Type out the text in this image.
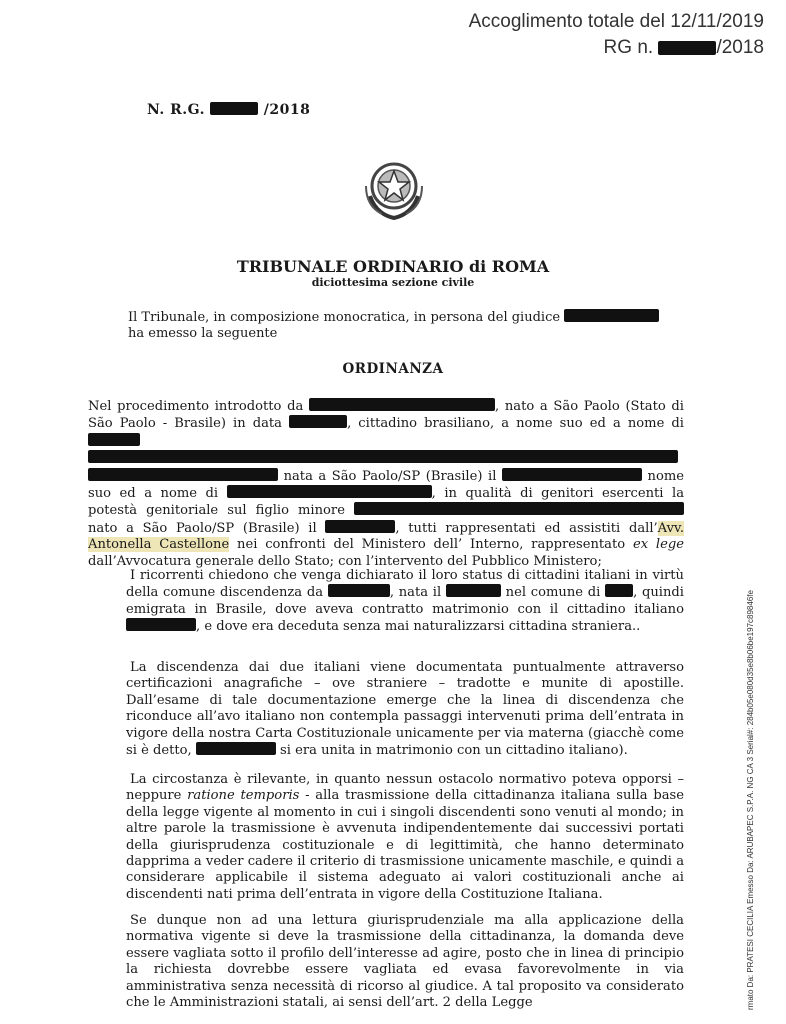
Accoglimento totale del 12/11/2019
RG n.	/2018
N. R.G.	/2018
TRIBUNALE ORDINARIO di ROMA
diciottesima sezione civile
Il Tribunale, in composizione monocratica, in persona del giudice
ha emesso la seguente
ORDINANZA
Nel procedimento introdotto da	, nato a São Paolo (Stato di São Paolo - Brasile) in data	, cittadino brasiliano, a nome suo ed a nome di    nata a São Paolo/SP (Brasile) il	nome suo ed a nome di	, in qualità di genitori esercenti la potestà genitoriale sul figlio minore  nato a São Paolo/SP (Brasile) il	, tutti rappresentati ed assistiti dall’Avv. Antonella Castellone nei confronti del Ministero dell’ Interno, rappresentato ex lege dall’Avvocatura generale dello Stato; con l’intervento del Pubblico Ministero;

I ricorrenti chiedono che venga dichiarato il loro status di cittadini italiani in virtù della comune discendenza da	, nata il	nel comune di	, quindi emigrata in Brasile, dove aveva contratto matrimonio con il cittadino italiano , e dove era deceduta senza mai naturalizzarsi cittadina straniera..

La discendenza dai due italiani viene documentata puntualmente attraverso certificazioni anagrafiche – ove straniere – tradotte e munite di apostille. Dall’esame di tale documentazione emerge che la linea di discendenza che riconduce all’avo italiano non contempla passaggi intervenuti prima dell’entrata in vigore della nostra Carta Costituzionale unicamente per via materna (giacchè come si è detto,	si era unita in matrimonio con un cittadino italiano).

La circostanza è rilevante, in quanto nessun ostacolo normativo poteva opporsi – neppure ratione temporis - alla trasmissione della cittadinanza italiana sulla base della legge vigente al momento in cui i singoli discendenti sono venuti al mondo; in altre parole la trasmissione è avvenuta indipendentemente dai successivi portati della giurisprudenza costituzionale e di legittimità, che hanno determinato dapprima a veder cadere il criterio di trasmissione unicamente maschile, e quindi a considerare applicabile il sistema adeguato ai valori costituzionali anche ai discendenti nati prima dell’entrata in vigore della Costituzione Italiana.

Se dunque non ad una lettura giurisprudenziale ma alla applicazione della normativa vigente si deve la trasmissione della cittadinanza, la domanda deve essere vagliata sotto il profilo dell’interesse ad agire, posto che in linea di principio la richiesta dovrebbe essere vagliata ed evasa favorevolmente in via amministrativa senza necessità di ricorso al giudice. A tal proposito va considerato che le Amministrazioni statali, ai sensi dell’art. 2 della Legge	rmato Da: PRATESI CECILIA Emesso Da: ARUBAPEC S.P.A. NG CA 3 Serial#: 284b05e080d35e8b06be197c89846fe
